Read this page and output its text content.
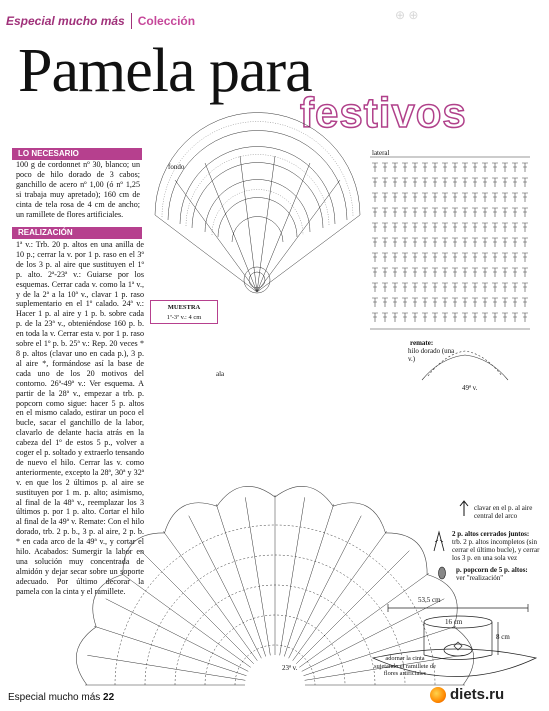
Especial mucho más Colección	⊕ ⊕
Pamela para
festivos
LO NECESARIO
100 g de cordonnet nº 30, blanco; un poco de hilo dorado de 3 cabos; ganchillo de acero nº 1,00 (ó nº 1,25 si trabaja muy apretado); 160 cm de cinta de tela rosa de 4 cm de ancho; un ramillete de flores artificiales.
REALIZACIÓN
1ª v.: Trb. 20 p. altos en una anilla de 10 p.; cerrar la v. por 1 p. raso en el 3º de los 3 p. al aire que sustituyen el 1º p. alto. 2ª-23ª v.: Guiarse por los esquemas. Cerrar cada v. como la 1ª v., y de la 2ª a la 10ª v., clavar 1 p. raso suplementario en el 1º calado. 24ª v.: Hacer 1 p. al aire y 1 p. b. sobre cada p. de la 23ª v., obteniéndose 160 p. b. en toda la v. Cerrar esta v. por 1 p. raso sobre el 1º p. b. 25ª v.: Rep. 20 veces * 8 p. altos (clavar uno en cada p.), 3 p. al aire *, formándose así la base de cada uno de los 20 motivos del contorno. 26ª-49ª v.: Ver esquema. A partir de la 28ª v., empezar a trb. p. popcorn como sigue: hacer 5 p. altos en el mismo calado, estirar un poco el bucle, sacar el ganchillo de la labor, clavarlo de delante hacia atrás en la cabeza del 1º de estos 5 p., volver a coger el p. soltado y extraerlo tensando de nuevo el hilo. Cerrar las v. como anteriormente, excepto la 28ª, 30ª y 32ª v. en que los 2 últimos p. al aire se sustituyen por 1 m. p. alto; asimismo, al final de la 48ª v., reemplazar los 3 últimos p. por 1 p. alto. Cortar el hilo al final de la 49ª v. Remate: Con el hilo dorado, trb. 2 p. b., 3 p. al aire, 2 p. b. * en cada arco de la 49ª v., y cortar el hilo. Acabados: Sumergir la labor en una solución muy concentrada de almidón y dejar secar sobre un soporte adecuado. Por último decorar la pamela con la cinta y el ramillete.
fondo
lateral
MUESTRA
1ª-3ª v.: 4 cm
remate:
hilo dorado (una v.)
49ª v.
ala
23ª v.
clavar en el p. al aire central del arco
2 p. altos cerrados juntos:
trb. 2 p. altos incompletos (sin cerrar el último bucle), y cerrar los 3 p. en una sola vez
p. popcorn de 5 p. altos:
ver "realización"
53,5 cm
16 cm
8 cm
adornar la cinta sujetando el ramillete de flores artificiales
Especial mucho más 22	diets.ru
